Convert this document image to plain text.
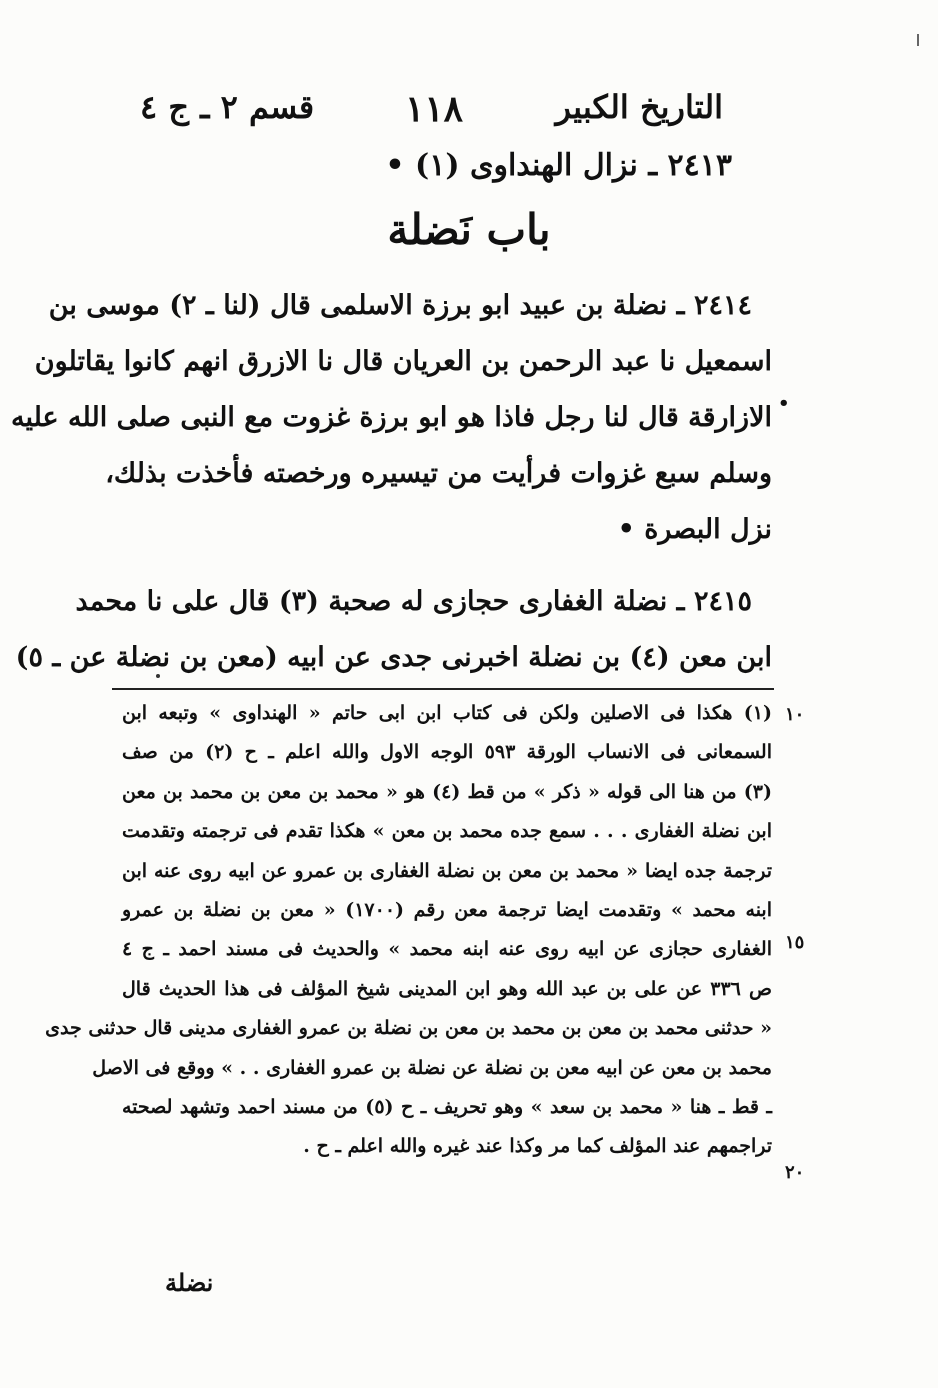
التاريخ الكبير
١١٨
قسم ٢ ـ ج ٤
٢٤١٣ ـ نزال الهنداوى (١) •
باب نَضلة
٢٤١٤ ـ نضلة بن عبيد ابو برزة الاسلمى قال (لنا ـ ٢) موسى بن
اسمعيل نا عبد الرحمن بن العريان قال نا الازرق انهم كانوا يقاتلون
الازارقة قال لنا رجل فاذا هو ابو برزة غزوت مع النبى صلى الله عليه
وسلم سبع غزوات فرأيت من تيسيره ورخصته فأخذت بذلك،
نزل البصرة •
٢٤١٥ ـ نضلة الغفارى حجازى له صحبة (٣) قال على نا محمد
ابن معن (٤) بن نضلة اخبرنى جدى عن ابيه (معن بن نضلة عن ـ ٥)
•
١٠
١٥
٢٠
(١) هكذا فى الاصلين ولكن فى كتاب ابن ابى حاتم « الهنداوى » وتبعه ابن
السمعانى فى الانساب الورقة ٥٩٣ الوجه الاول والله اعلم ـ ح (٢) من صف
(٣) من هنا الى قوله « ذكر » من قط (٤) هو « محمد بن معن بن محمد بن معن
ابن نضلة الغفارى . . . سمع جده محمد بن معن » هكذا تقدم فى ترجمته وتقدمت
ترجمة جده ايضا « محمد بن معن بن نضلة الغفارى بن عمرو عن ابيه روى عنه ابن
ابنه محمد » وتقدمت ايضا ترجمة معن رقم (١٧٠٠) « معن بن نضلة بن عمرو
الغفارى حجازى عن ابيه روى عنه ابنه محمد » والحديث فى مسند احمد ـ ج ٤
ص ٣٣٦ عن على بن عبد الله وهو ابن المدينى شيخ المؤلف فى هذا الحديث قال
« حدثنى محمد بن معن بن محمد بن معن بن نضلة بن عمرو الغفارى مدينى قال حدثنى جدى
محمد بن معن عن ابيه معن بن نضلة عن نضلة بن عمرو الغفارى . . » ووقع فى الاصل
ـ قط ـ هنا « محمد بن سعد » وهو تحريف ـ ح (٥) من مسند احمد وتشهد لصحته
تراجمهم عند المؤلف كما مر وكذا عند غيره والله اعلم ـ ح .
نضلة
